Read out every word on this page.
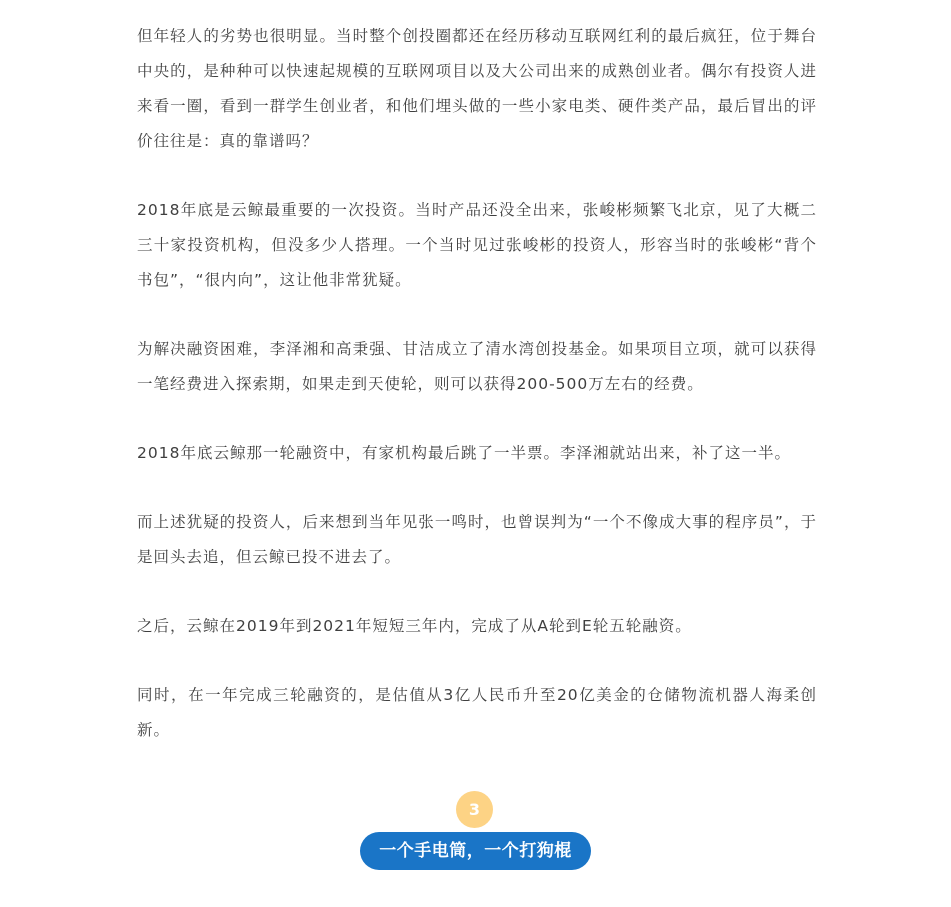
但年轻人的劣势也很明显。当时整个创投圈都还在经历移动互联网红利的最后疯狂，位于舞台中央的，是种种可以快速起规模的互联网项目以及大公司出来的成熟创业者。偶尔有投资人进来看一圈，看到一群学生创业者，和他们埋头做的一些小家电类、硬件类产品，最后冒出的评价往往是：真的靠谱吗？

2018年底是云鲸最重要的一次投资。当时产品还没全出来，张峻彬频繁飞北京，见了大概二三十家投资机构，但没多少人搭理。一个当时见过张峻彬的投资人，形容当时的张峻彬“背个书包”，“很内向”，这让他非常犹疑。

为解决融资困难，李泽湘和高秉强、甘洁成立了清水湾创投基金。如果项目立项，就可以获得一笔经费进入探索期，如果走到天使轮，则可以获得200-500万左右的经费。

2018年底云鲸那一轮融资中，有家机构最后跳了一半票。李泽湘就站出来，补了这一半。

而上述犹疑的投资人，后来想到当年见张一鸣时，也曾误判为“一个不像成大事的程序员”，于是回头去追，但云鲸已投不进去了。

之后，云鲸在2019年到2021年短短三年内，完成了从A轮到E轮五轮融资。

同时，在一年完成三轮融资的，是估值从3亿人民币升至20亿美金的仓储物流机器人海柔创新。

3
一个手电筒，一个打狗棍
